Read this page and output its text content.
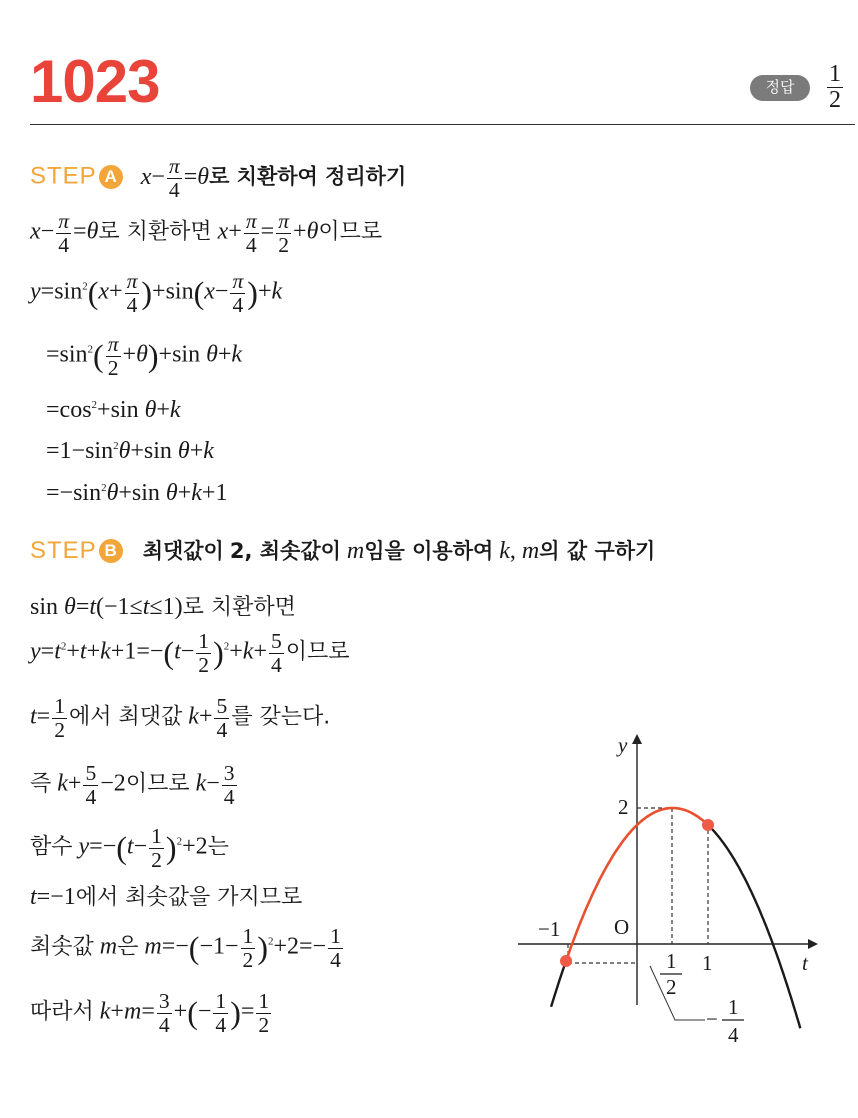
1023	정답	$\frac{1}{2}$
STEP A $x- \frac{\pi}{4} =\theta$로 치환하여 정리하기
$x- \frac{\pi}{4} =\theta$로 치환하면 $x+ \frac{\pi}{4} = \frac{\pi}{2} +\theta$이므로
$y=\sin^2(x+ \frac{\pi}{4} )+\sin(x- \frac{\pi}{4} )+k$
$=\sin^2( \frac{\pi}{2} +\theta)+\sin$ θ+k
$=\cos^2+\sin$ θ+k
$=1-\sin^2\theta+\sin$ θ+k
$=-\sin^2\theta+\sin$ θ+k+1
STEP B 최댓값이 2, 최솟값이 m임을 이용하여 k, m의 값 구하기
sin θ=t(−1≤t≤1)로 치환하면
$y=t^2+t+k+1=-(t- \frac{1}{2} )^2+k+ \frac{5}{4}$ 이므로
$t= \frac{1}{2}$ 에서 최댓값 $k+ \frac{5}{4}$ 를 갖는다.
즉 $k+ \frac{5}{4} -2$이므로 $k- \frac{3}{4}$
함수 $y=-(t- \frac{1}{2} )^2+2$는
t=−1에서 최솟값을 가지므로
최솟값 m은 $m=-(-1- \frac{1}{2} )^2+2=- \frac{1}{4}$
따라서 $k+m= \frac{3}{4}$ +(− $\frac{1}{4}$ )= $\frac{1}{2}$
y
t
O
2
−1
1
1
2
− 1
4
